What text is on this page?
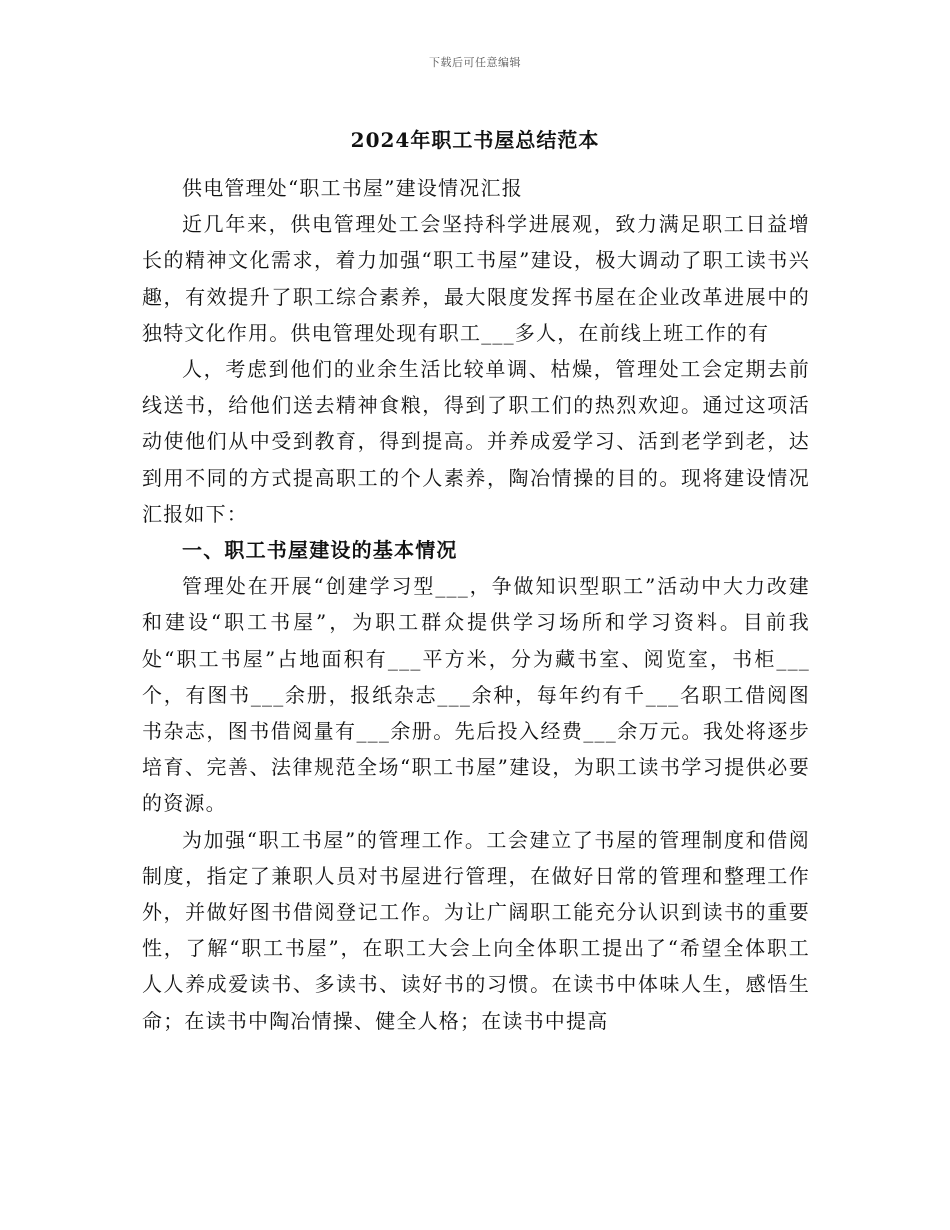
下载后可任意编辑
2024年职工书屋总结范本

供电管理处“职工书屋”建设情况汇报

近几年来，供电管理处工会坚持科学进展观，致力满足职工日益增长的精神文化需求，着力加强“职工书屋”建设，极大调动了职工读书兴趣，有效提升了职工综合素养，最大限度发挥书屋在企业改革进展中的独特文化作用。供电管理处现有职工___多人，在前线上班工作的有

人，考虑到他们的业余生活比较单调、枯燥，管理处工会定期去前线送书，给他们送去精神食粮，得到了职工们的热烈欢迎。通过这项活动使他们从中受到教育，得到提高。并养成爱学习、活到老学到老，达到用不同的方式提高职工的个人素养，陶冶情操的目的。现将建设情况汇报如下：

一、职工书屋建设的基本情况

管理处在开展“创建学习型___，争做知识型职工”活动中大力改建和建设“职工书屋”，为职工群众提供学习场所和学习资料。目前我处“职工书屋”占地面积有___平方米，分为藏书室、阅览室，书柜___个，有图书___余册，报纸杂志___余种，每年约有千___名职工借阅图书杂志，图书借阅量有___余册。先后投入经费___余万元。我处将逐步培育、完善、法律规范全场“职工书屋”建设，为职工读书学习提供必要的资源。

为加强“职工书屋”的管理工作。工会建立了书屋的管理制度和借阅制度，指定了兼职人员对书屋进行管理，在做好日常的管理和整理工作外，并做好图书借阅登记工作。为让广阔职工能充分认识到读书的重要性，了解“职工书屋”，在职工大会上向全体职工提出了“希望全体职工人人养成爱读书、多读书、读好书的习惯。在读书中体味人生，感悟生命；在读书中陶冶情操、健全人格；在读书中提高
